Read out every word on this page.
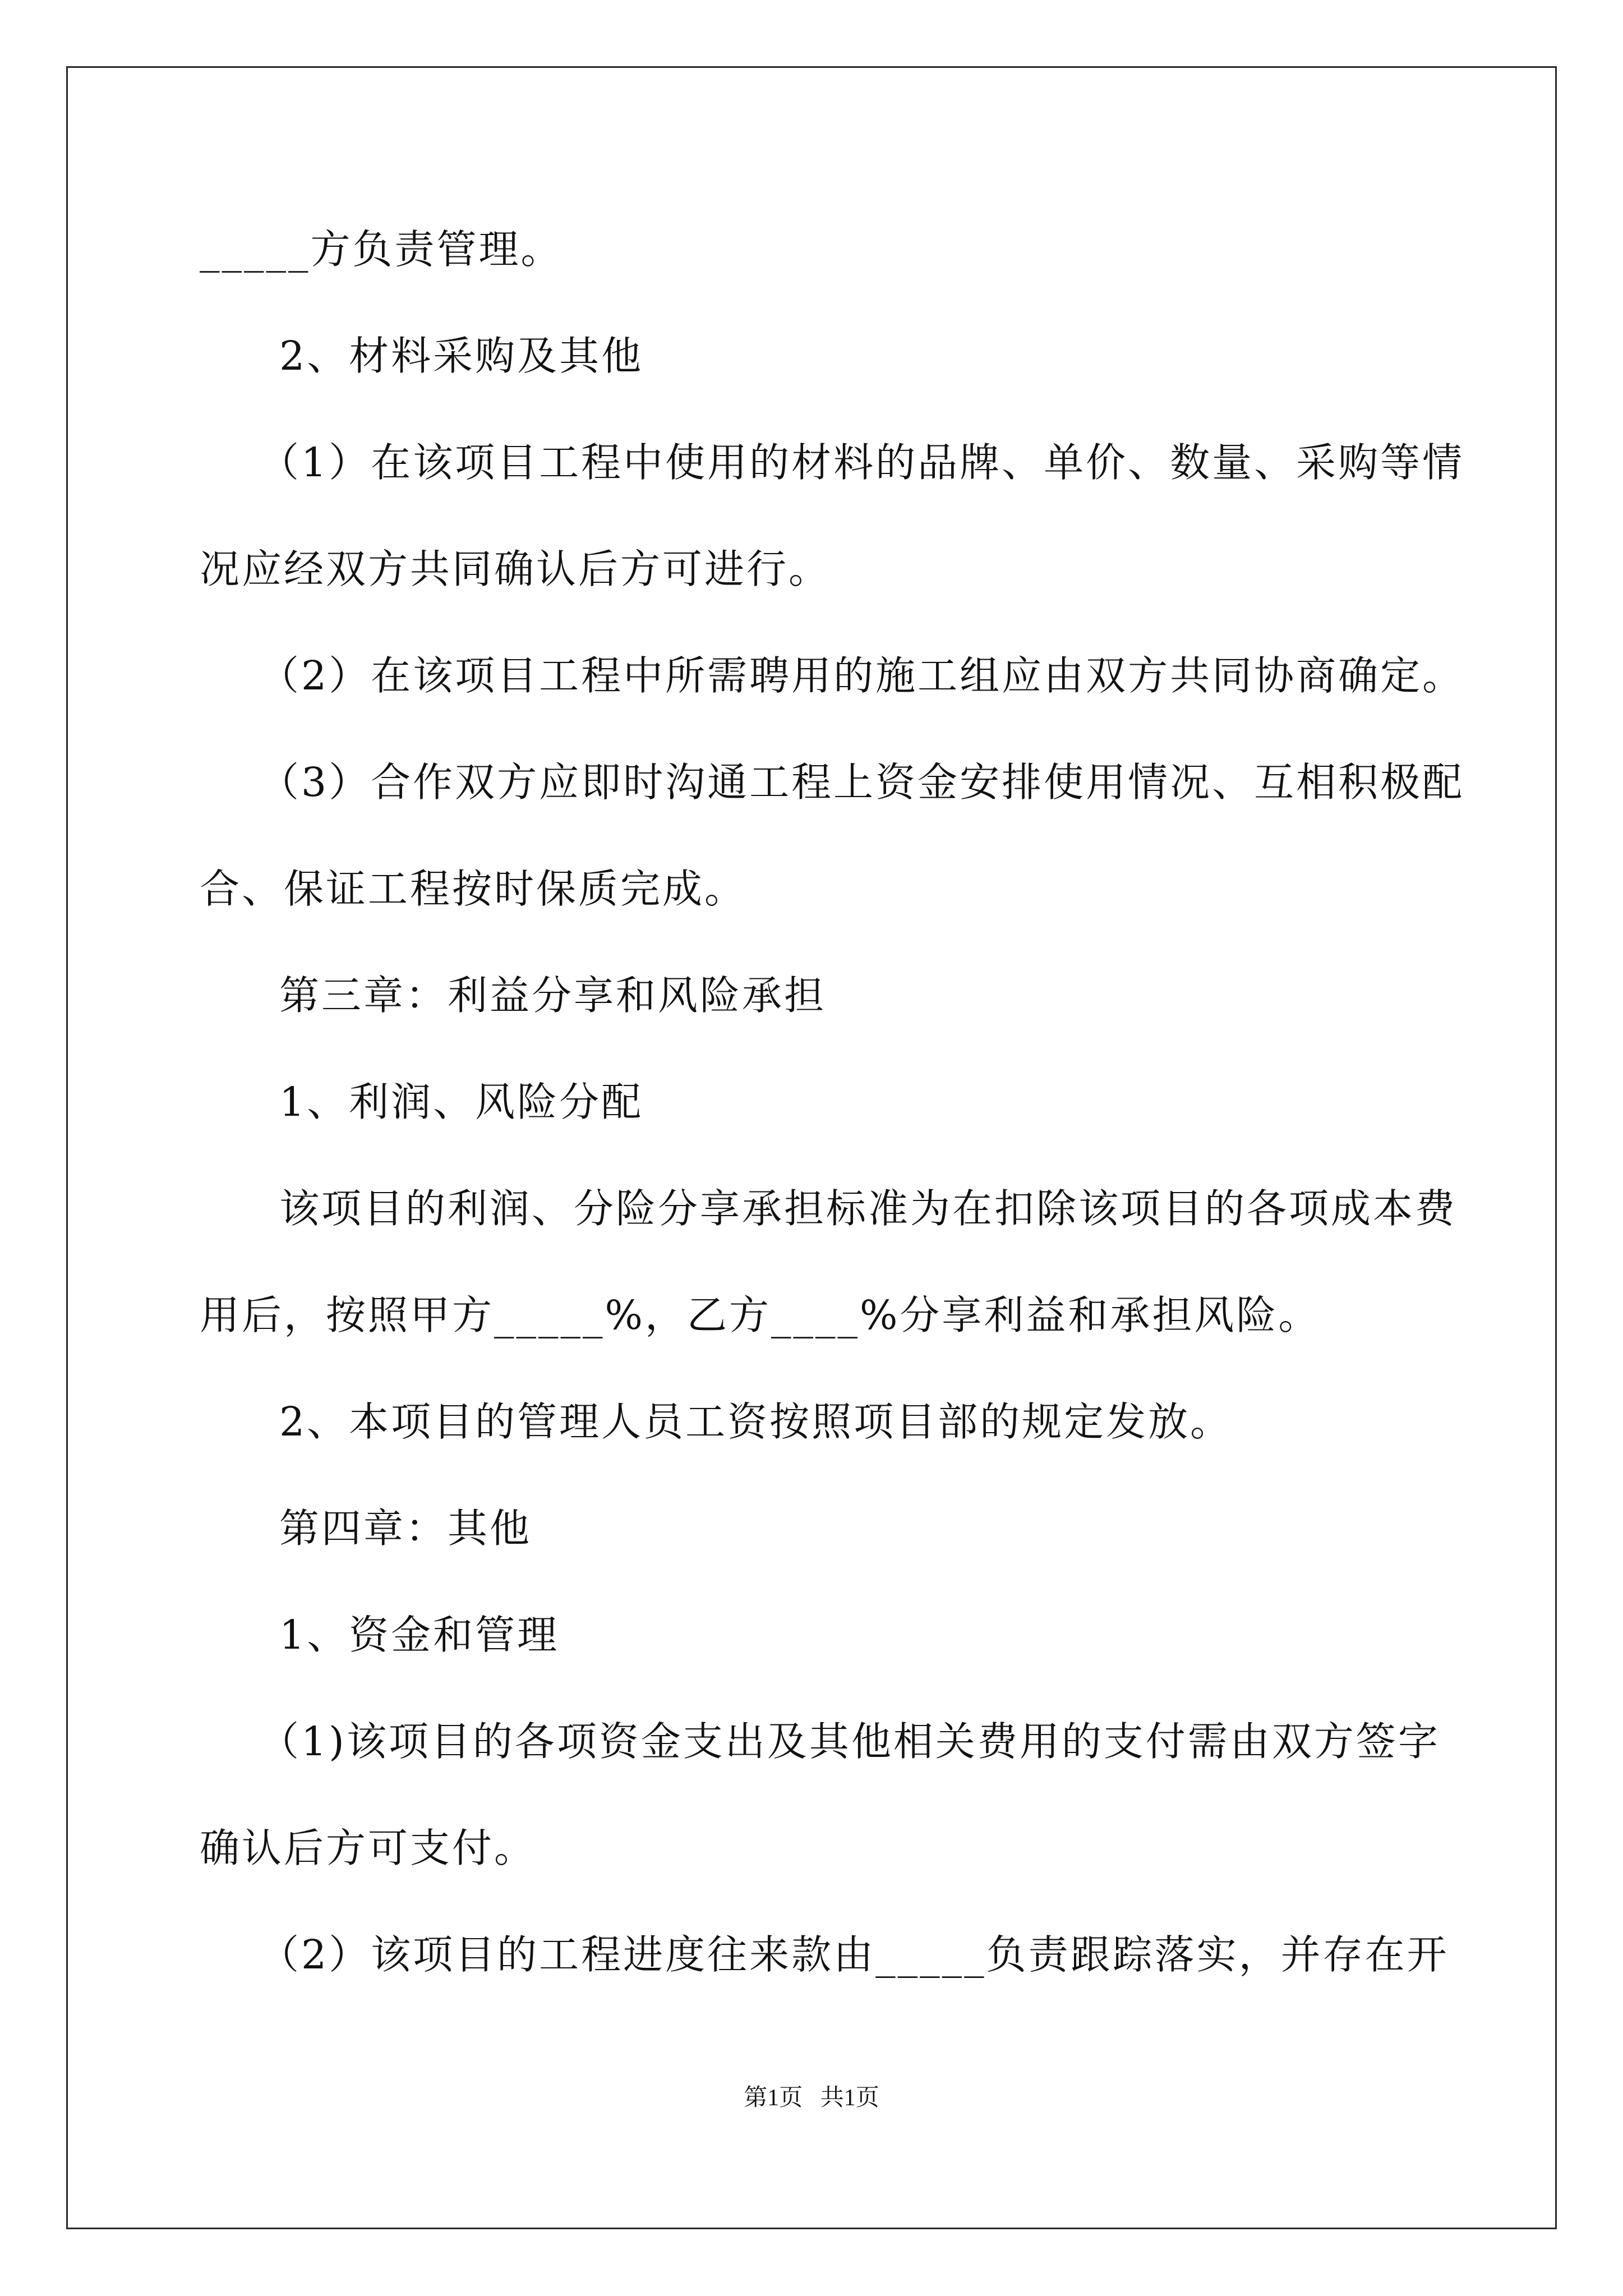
_____方负责管理。
2、材料采购及其他
（1）在该项目工程中使用的材料的品牌、单价、数量、采购等情
况应经双方共同确认后方可进行。
（2）在该项目工程中所需聘用的施工组应由双方共同协商确定。
（3）合作双方应即时沟通工程上资金安排使用情况、互相积极配
合、保证工程按时保质完成。
第三章：利益分享和风险承担
1、利润、风险分配
该项目的利润、分险分享承担标准为在扣除该项目的各项成本费
用后，按照甲方_____%，乙方____%分享利益和承担风险。
2、本项目的管理人员工资按照项目部的规定发放。
第四章：其他
1、资金和管理
（1)该项目的各项资金支出及其他相关费用的支付需由双方签字
确认后方可支付。
（2）该项目的工程进度往来款由_____负责跟踪落实，并存在开
第1页   共1页
